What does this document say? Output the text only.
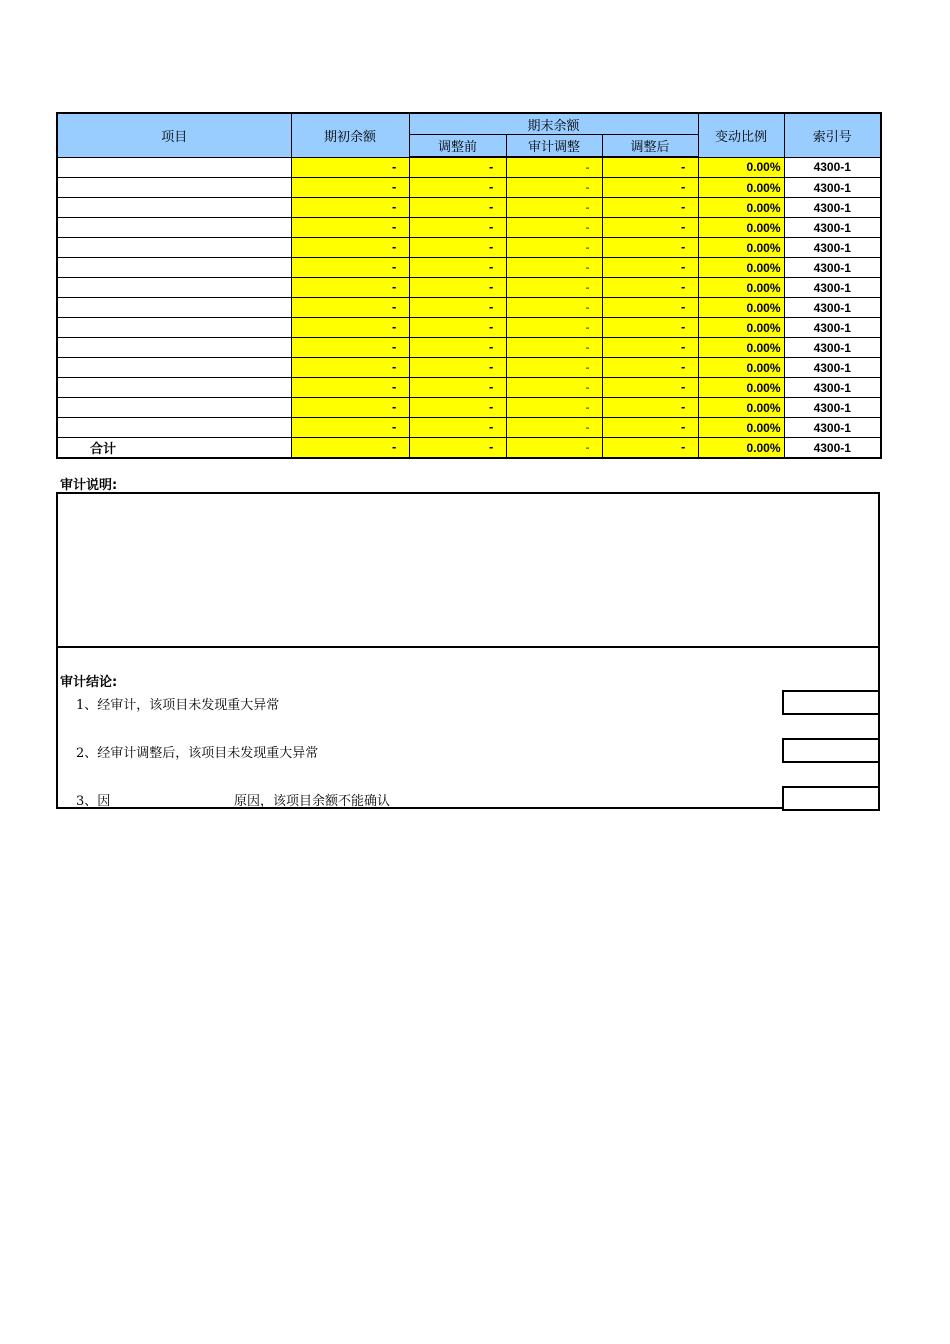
项目	期初余额	期末余额			变动比例	索引号
		调整前	审计调整	调整后		
	-	-	-	-	0.00%	4300-1
	-	-	-	-	0.00%	4300-1
	-	-	-	-	0.00%	4300-1
	-	-	-	-	0.00%	4300-1
	-	-	-	-	0.00%	4300-1
	-	-	-	-	0.00%	4300-1
	-	-	-	-	0.00%	4300-1
	-	-	-	-	0.00%	4300-1
	-	-	-	-	0.00%	4300-1
	-	-	-	-	0.00%	4300-1
	-	-	-	-	0.00%	4300-1
	-	-	-	-	0.00%	4300-1
	-	-	-	-	0.00%	4300-1
	-	-	-	-	0.00%	4300-1
合计	-	-	-	-	0.00%	4300-1
审计说明:
审计结论:
1、经审计，该项目未发现重大异常
2、经审计调整后，该项目未发现重大异常
3、因	原因，该项目余额不能确认
